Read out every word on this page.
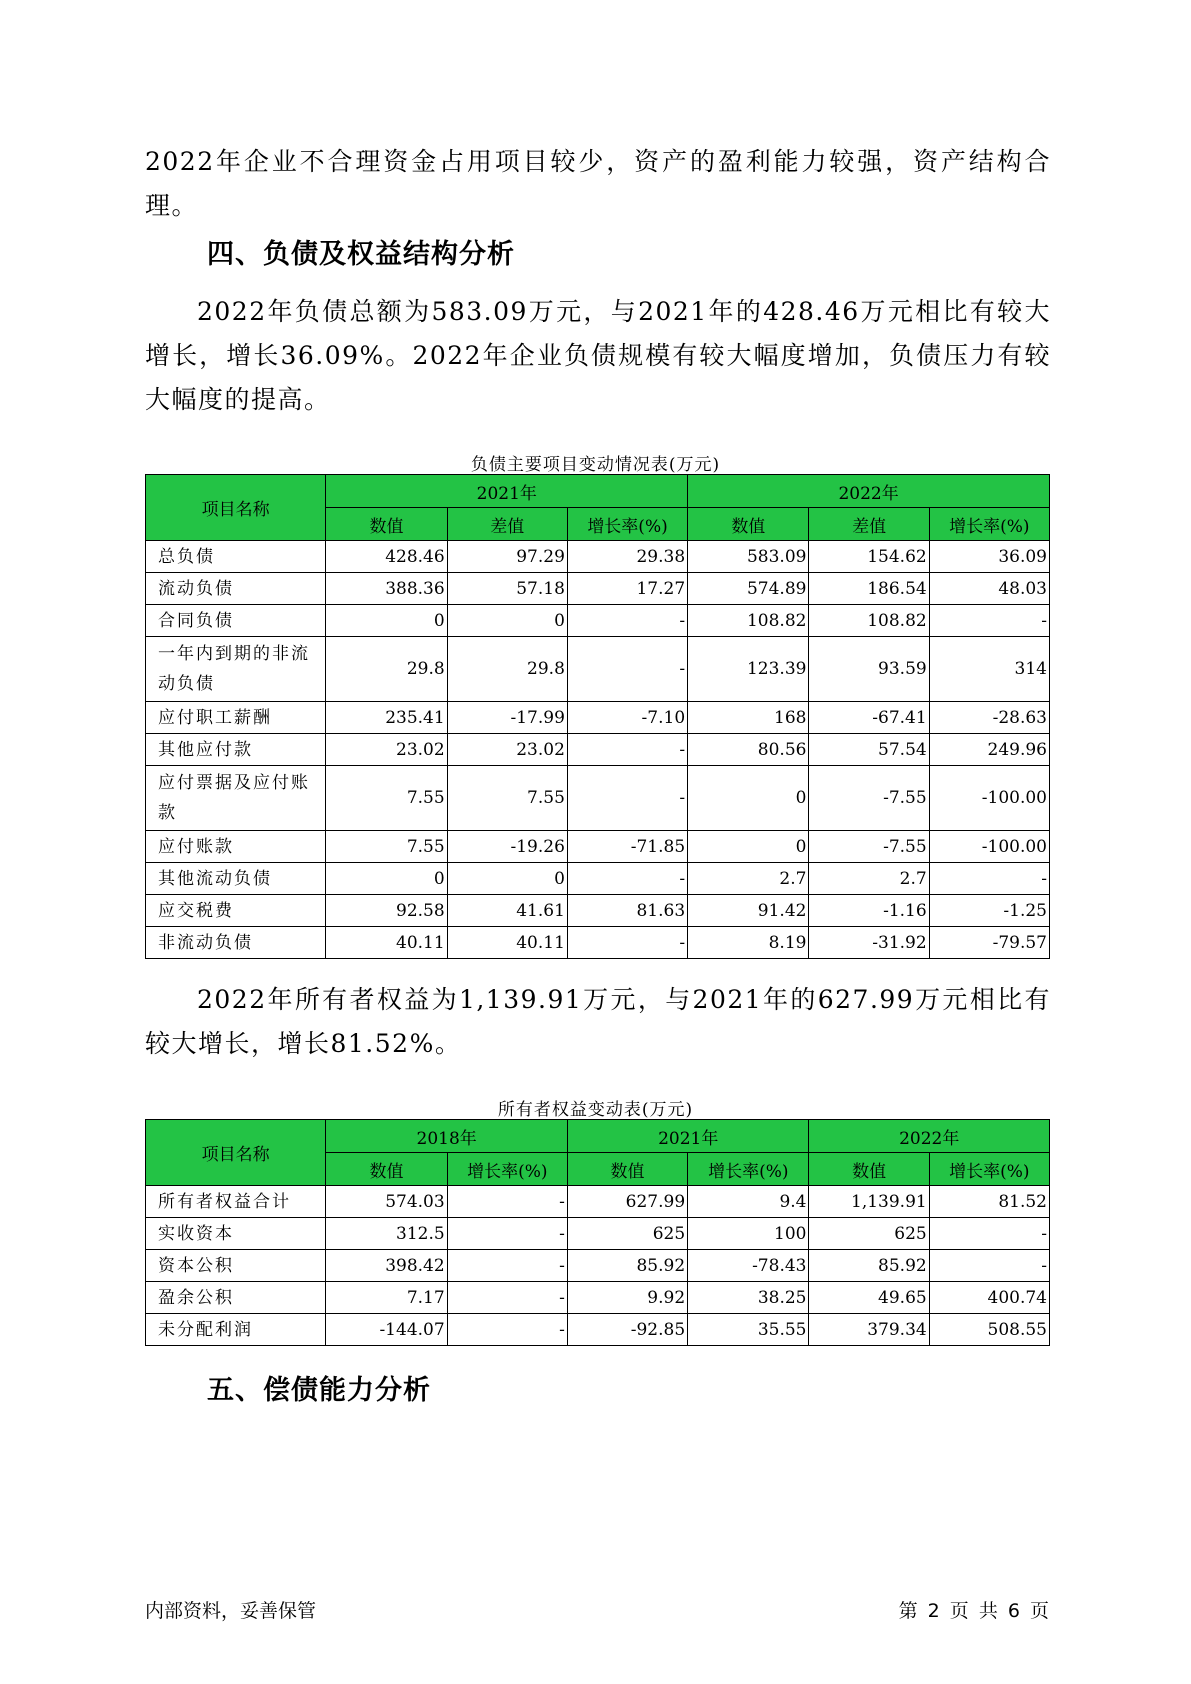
2022年企业不合理资金占用项目较少，资产的盈利能力较强，资产结构合理。

四、负债及权益结构分析

2022年负债总额为583.09万元，与2021年的428.46万元相比有较大增长，增长36.09%。2022年企业负债规模有较大幅度增加，负债压力有较大幅度的提高。

负债主要项目变动情况表(万元)

项目名称	2021年			2022年		
	数值	差值	增长率(%)	数值	差值	增长率(%)
总负债	428.46	97.29	29.38	583.09	154.62	36.09
流动负债	388.36	57.18	17.27	574.89	186.54	48.03
合同负债	0	0	-	108.82	108.82	-
一年内到期的非流动负债	29.8	29.8	-	123.39	93.59	314
应付职工薪酬	235.41	-17.99	-7.10	168	-67.41	-28.63
其他应付款	23.02	23.02	-	80.56	57.54	249.96
应付票据及应付账款	7.55	7.55	-	0	-7.55	-100.00
应付账款	7.55	-19.26	-71.85	0	-7.55	-100.00
其他流动负债	0	0	-	2.7	2.7	-
应交税费	92.58	41.61	81.63	91.42	-1.16	-1.25
非流动负债	40.11	40.11	-	8.19	-31.92	-79.57

2022年所有者权益为1,139.91万元，与2021年的627.99万元相比有较大增长，增长81.52%。

所有者权益变动表(万元)

项目名称	2018年		2021年		2022年	
	数值	增长率(%)	数值	增长率(%)	数值	增长率(%)
所有者权益合计	574.03	-	627.99	9.4	1,139.91	81.52
实收资本	312.5	-	625	100	625	-
资本公积	398.42	-	85.92	-78.43	85.92	-
盈余公积	7.17	-	9.92	38.25	49.65	400.74
未分配利润	-144.07	-	-92.85	35.55	379.34	508.55
五、偿债能力分析

内部资料，妥善保管	第 2 页 共 6 页
